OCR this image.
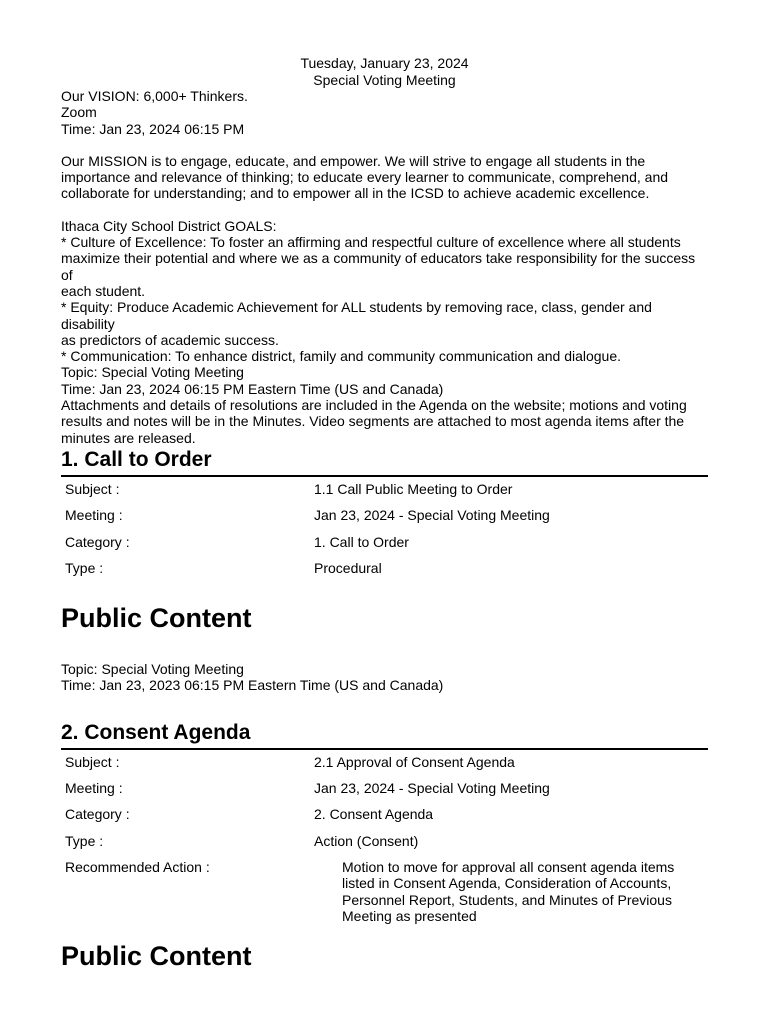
Tuesday, January 23, 2024
Special Voting Meeting
Our VISION: 6,000+ Thinkers.
Zoom
Time: Jan 23, 2024 06:15 PM
Our MISSION is to engage, educate, and empower. We will strive to engage all students in the
importance and relevance of thinking; to educate every learner to communicate, comprehend, and
collaborate for understanding; and to empower all in the ICSD to achieve academic excellence.
Ithaca City School District GOALS:
* Culture of Excellence: To foster an affirming and respectful culture of excellence where all students
maximize their potential and where we as a community of educators take responsibility for the success of
each student.
* Equity: Produce Academic Achievement for ALL students by removing race, class, gender and disability
as predictors of academic success.
* Communication: To enhance district, family and community communication and dialogue.
Topic: Special Voting Meeting
Time: Jan 23, 2024 06:15 PM Eastern Time (US and Canada)
Attachments and details of resolutions are included in the Agenda on the website; motions and voting
results and notes will be in the Minutes. Video segments are attached to most agenda items after the
minutes are released.
1. Call to Order
Subject :	1.1 Call Public Meeting to Order
Meeting :	Jan 23, 2024 - Special Voting Meeting
Category :	1. Call to Order
Type :	Procedural
Public Content
Topic: Special Voting Meeting
Time: Jan 23, 2023 06:15 PM Eastern Time (US and Canada)
2. Consent Agenda
Subject :	2.1 Approval of Consent Agenda
Meeting :	Jan 23, 2024 - Special Voting Meeting
Category :	2. Consent Agenda
Type :	Action (Consent)
Recommended Action :	Motion to move for approval all consent agenda items
listed in Consent Agenda, Consideration of Accounts,
Personnel Report, Students, and Minutes of Previous
Meeting as presented
Public Content
